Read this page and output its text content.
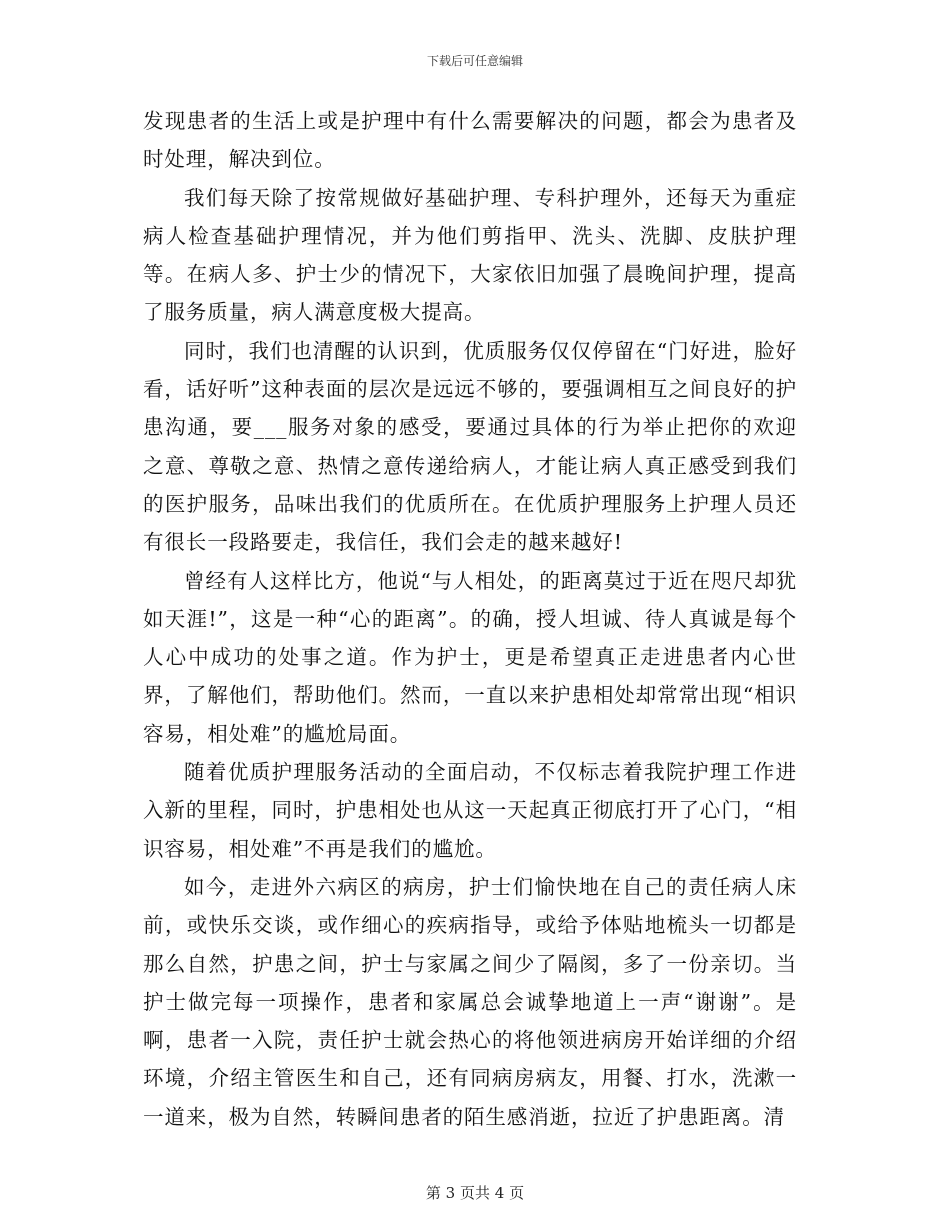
下载后可任意编辑

发现患者的生活上或是护理中有什么需要解决的问题，都会为患者及时处理，解决到位。

我们每天除了按常规做好基础护理、专科护理外，还每天为重症病人检查基础护理情况，并为他们剪指甲、洗头、洗脚、皮肤护理等。在病人多、护士少的情况下，大家依旧加强了晨晚间护理，提高了服务质量，病人满意度极大提高。

同时，我们也清醒的认识到，优质服务仅仅停留在“门好进，脸好看，话好听”这种表面的层次是远远不够的，要强调相互之间良好的护患沟通，要___服务对象的感受，要通过具体的行为举止把你的欢迎之意、尊敬之意、热情之意传递给病人，才能让病人真正感受到我们的医护服务，品味出我们的优质所在。在优质护理服务上护理人员还有很长一段路要走，我信任，我们会走的越来越好!

曾经有人这样比方，他说“与人相处，的距离莫过于近在咫尺却犹如天涯!”，这是一种“心的距离”。的确，授人坦诚、待人真诚是每个人心中成功的处事之道。作为护士，更是希望真正走进患者内心世界，了解他们，帮助他们。然而，一直以来护患相处却常常出现“相识容易，相处难”的尴尬局面。

随着优质护理服务活动的全面启动，不仅标志着我院护理工作进入新的里程，同时，护患相处也从这一天起真正彻底打开了心门，“相识容易，相处难”不再是我们的尴尬。

如今，走进外六病区的病房，护士们愉快地在自己的责任病人床前，或快乐交谈，或作细心的疾病指导，或给予体贴地梳头一切都是那么自然，护患之间，护士与家属之间少了隔阂，多了一份亲切。当护士做完每一项操作，患者和家属总会诚挚地道上一声“谢谢”。是啊，患者一入院，责任护士就会热心的将他领进病房开始详细的介绍环境，介绍主管医生和自己，还有同病房病友，用餐、打水，洗漱一一道来，极为自然，转瞬间患者的陌生感消逝，拉近了护患距离。清

第 3 页共 4 页
